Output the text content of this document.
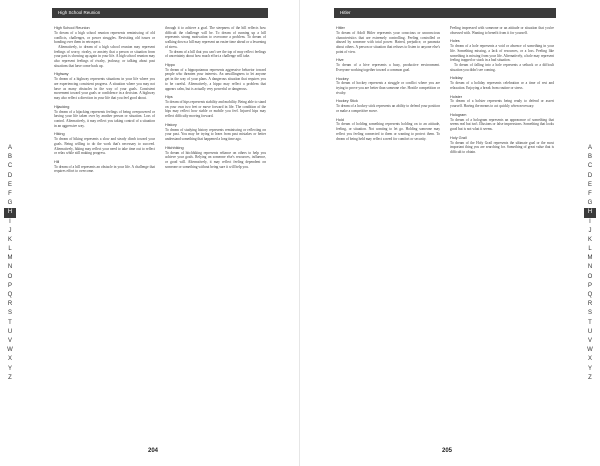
High School Reunion
High School Reunion

To dream of a high school reunion represents reminiscing of old conflicts, challenges, or power struggles. Revisiting old issues or bonding over them in retrospect.

Alternatively, to dream of a high school reunion may represent feelings of worry, rivalry, or anxiety that a person or situation from your past is showing up again in your life. A high school reunion may also represent feelings of rivalry, jealousy, or talking about past situations that have come back up.

Highway

To dream of a highway represents situations in your life where you are experiencing consistent progress. A situation where you may not have as many obstacles in the way of your goals. Consistent movement toward your goals or confidence in a decision. A highway may also reflect a direction in your life that you feel good about.

Hijacking

To dream of a hijacking represents feelings of being overpowered or having your life taken over by another person or situation. Loss of control. Alternatively, it may reflect you taking control of a situation in an aggressive way.

Hiking

To dream of hiking represents a slow and steady climb toward your goals. Being willing to do the work that's necessary to succeed. Alternatively, hiking may reflect your need to take time out to reflect or relax while still making progress.

Hill

To dream of a hill represents an obstacle in your life. A challenge that requires effort to overcome.

through it to achieve a goal. The steepness of the hill reflects how difficult the challenge will be. To dream of running up a hill represents strong motivation to overcome a problem. To dream of walking down a hill may represent an easier time ahead or a lessening of stress.

To dream of a hill that you can't see the top of may reflect feelings of uncertainty about how much effort a challenge will take.

Hippo

To dream of a hippopotamus represents aggressive behavior toward people who threaten your interests. An unwillingness to let anyone get in the way of your plans. A dangerous situation that requires you to be careful. Alternatively, a hippo may reflect a problem that appears calm, but is actually very powerful or dangerous.

Hips

To dream of hips represents stability and mobility. Being able to stand on your own two feet or move forward in life. The condition of the hips may reflect how stable or mobile you feel. Injured hips may reflect difficulty moving forward.

History

To dream of studying history represents reminiscing or reflecting on your past. You may be trying to learn from past mistakes or better understand something that happened a long time ago.

Hitchhiking

To dream of hitchhiking represents reliance on others to help you achieve your goals. Relying on someone else's resources, influence, or good will. Alternatively, it may reflect feeling dependent on someone or something without being sure it will help you.

204
Hitler
Hitler

To dream of Adolf Hitler represents your conscious or unconscious characteristics that are extremely controlling. Feeling controlled or abused by someone with total power. Hatred, prejudice, or paranoia about others. A person or situation that refuses to listen to anyone else's point of view.

Hive

To dream of a hive represents a busy, productive environment. Everyone working together toward a common goal.

Hockey

To dream of hockey represents a struggle or conflict where you are trying to prove you are better than someone else. Hostile competition or rivalry.

Hockey Stick

To dream of a hockey stick represents an ability to defend your position or make a competitive move.

Hold

To dream of holding something represents holding on to an attitude, feeling, or situation. Not wanting to let go. Holding someone may reflect you feeling connected to them or wanting to protect them. To dream of being held may reflect a need for comfort or security.

Feeling impressed with someone or an attitude or situation that you're obsessed with. Wanting to benefit from it for yourself.

Holes

To dream of a hole represents a void or absence of something in your life. Something missing, a lack of resources, or a loss. Feeling like something is missing from your life. Alternatively, a hole may represent feeling trapped or stuck in a bad situation.

To dream of falling into a hole represents a setback or a difficult situation you didn't see coming.

Holiday

To dream of a holiday represents celebration or a time of rest and relaxation. Enjoying a break from routine or stress.

Holster

To dream of a holster represents being ready to defend or assert yourself. Having the means to act quickly when necessary.

Hologram

To dream of a hologram represents an appearance of something that seems real but isn't. Illusions or false impressions. Something that looks good but is not what it seems.

Holy Grail

To dream of the Holy Grail represents the ultimate goal or the most important thing you are searching for. Something of great value that is difficult to obtain.

205
A
B
C
D
E
F
G
H
I
J
K
L
M
N
O
P
Q
R
S
T
U
V
W
X
Y
Z
A
B
C
D
E
F
G
H
I
J
K
L
M
N
O
P
Q
R
S
T
U
V
W
X
Y
Z
